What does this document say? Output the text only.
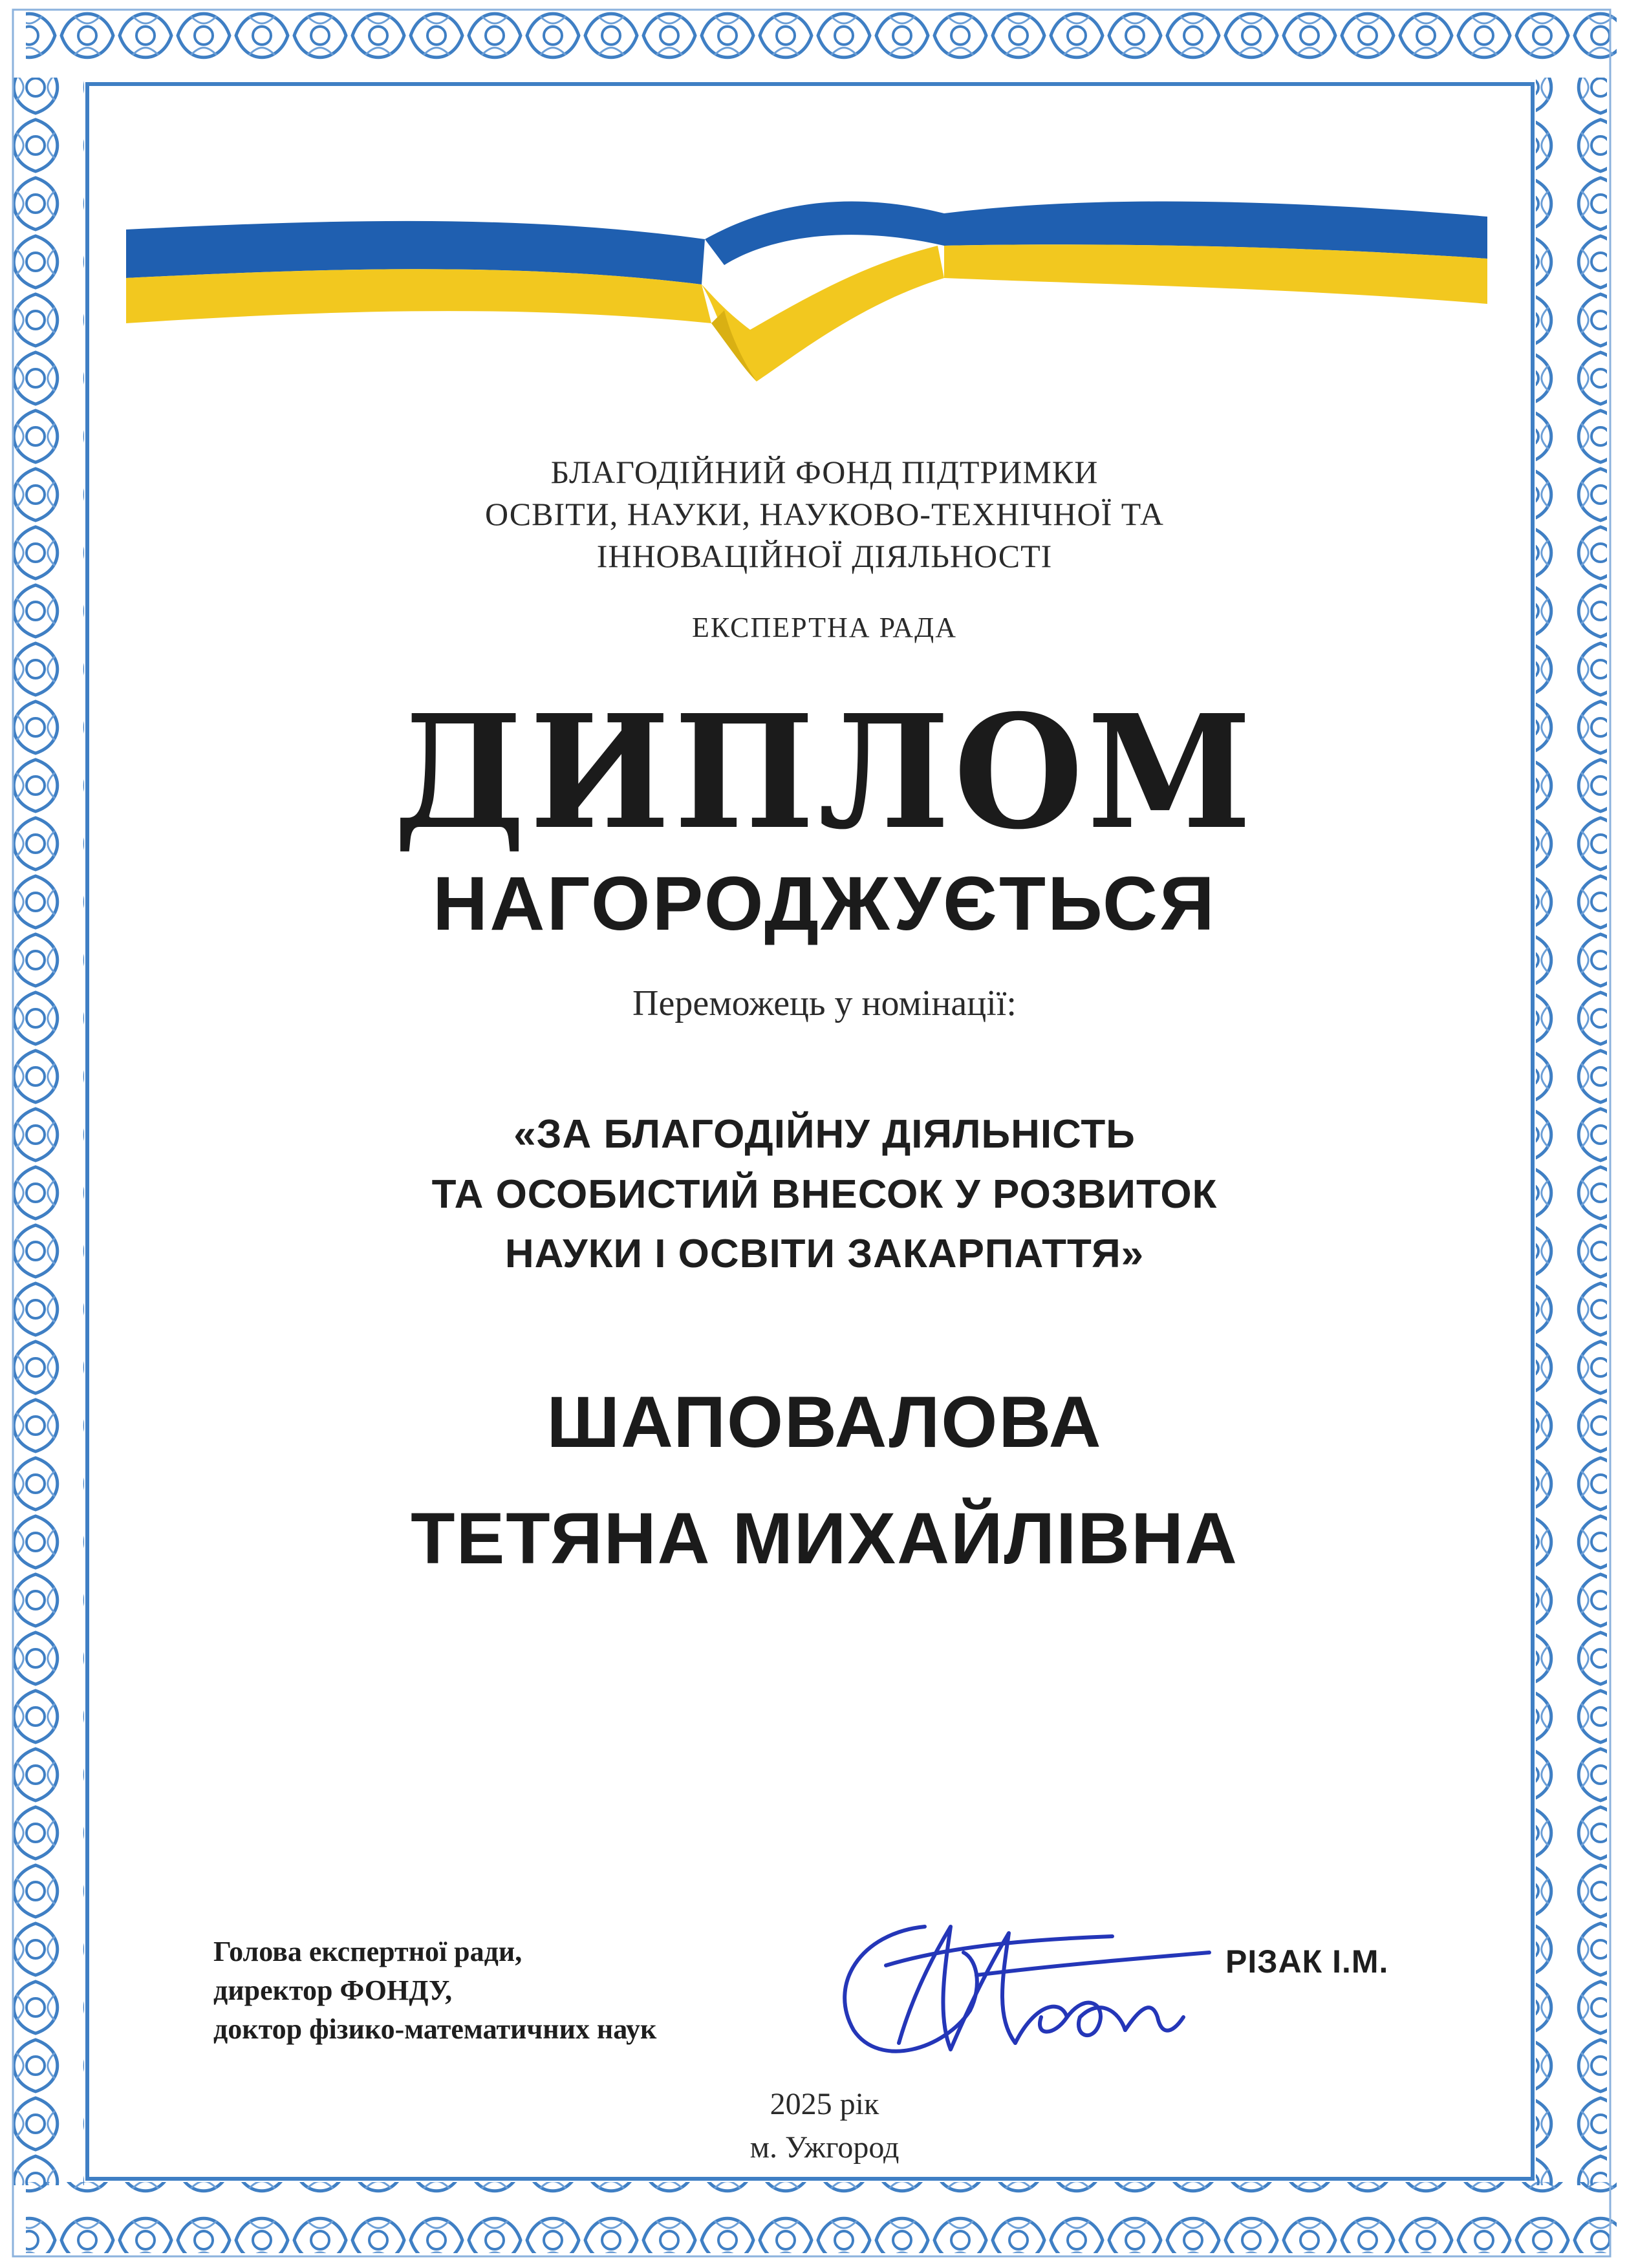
БЛАГОДІЙНИЙ ФОНД ПІДТРИМКИ
ОСВІТИ, НАУКИ, НАУКОВО-ТЕХНІЧНОЇ ТА
ІННОВАЦІЙНОЇ ДІЯЛЬНОСТІ
ЕКСПЕРТНА РАДА
ДИПЛОМ
НАГОРОДЖУЄТЬСЯ
Переможець у номінації:
«ЗА БЛАГОДІЙНУ ДІЯЛЬНІСТЬ
ТА ОСОБИСТИЙ ВНЕСОК У РОЗВИТОК
НАУКИ І ОСВІТИ ЗАКАРПАТТЯ»
ШАПОВАЛОВА
ТЕТЯНА МИХАЙЛІВНА
Голова експертної ради,
директор ФОНДУ,
доктор фізико-математичних наук
РІЗАК І.М.
2025 рік
м. Ужгород
